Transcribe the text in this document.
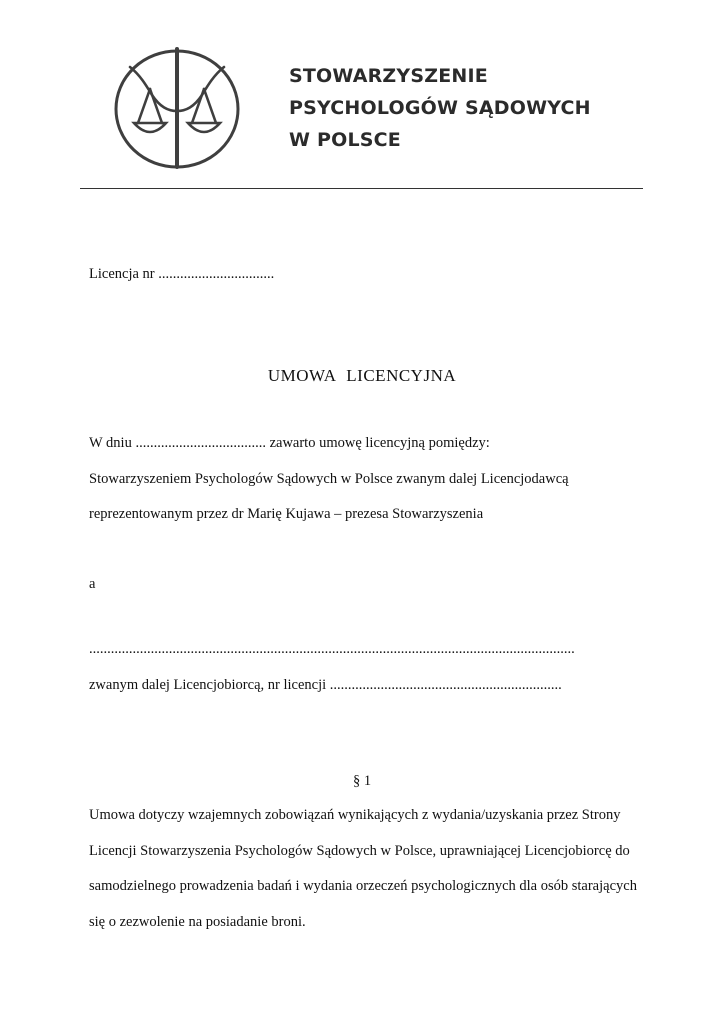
STOWARZYSZENIE
PSYCHOLOGÓW SĄDOWYCH
W POLSCE
Licencja nr ................................
UMOWA LICENCYJNA
W dniu .................................... zawarto umowę licencyjną pomiędzy:
Stowarzyszeniem Psychologów Sądowych w Polsce zwanym dalej Licencjodawcą
reprezentowanym przez dr Marię Kujawa – prezesa Stowarzyszenia
a
......................................................................................................................................
zwanym dalej Licencjobiorcą, nr licencji ................................................................
§ 1
Umowa dotyczy wzajemnych zobowiązań wynikających z wydania/uzyskania przez Strony
Licencji Stowarzyszenia Psychologów Sądowych w Polsce, uprawniającej Licencjobiorcę do
samodzielnego prowadzenia badań i wydania orzeczeń psychologicznych dla osób starających
się o zezwolenie na posiadanie broni.
